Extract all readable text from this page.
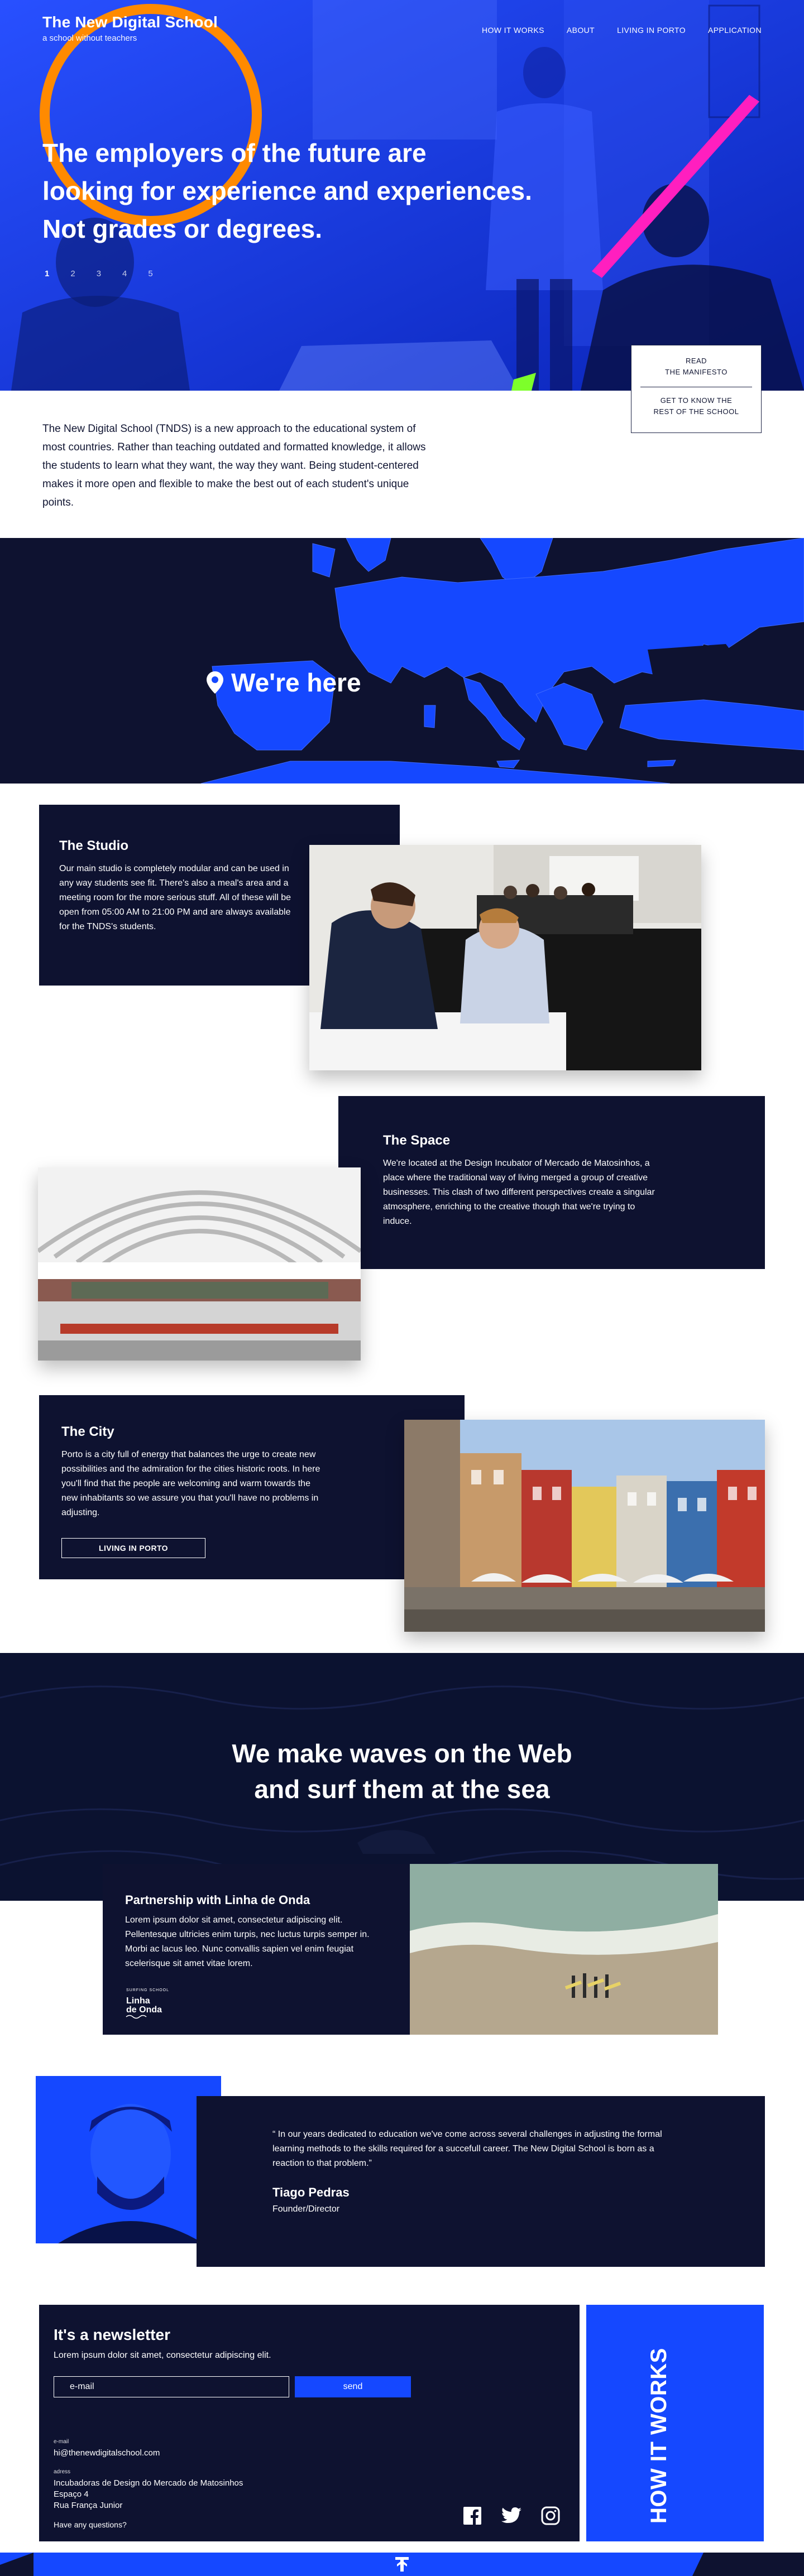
The New Digital School
a school without teachers
HOW IT WORKS	ABOUT	LIVING IN PORTO	APPLICATION
The employers of the future are
looking for experience and experiences.
Not grades or degrees.
1	2	3	4	5
READ
THE MANIFESTO
GET TO KNOW THE
REST OF THE SCHOOL

The New Digital School (TNDS) is a new approach to the educational system of most countries. Rather than teaching outdated and formatted knowledge, it allows the students to learn what they want, the way they want. Being student-centered makes it more open and flexible to make the best out of each student's unique points.

We're here
The Studio

Our main studio is completely modular and can be used in any way students see fit. There's also a meal's area and a meeting room for the more serious stuff. All of these will be open from 05:00 AM to 21:00 PM and are always available for the TNDS's students.

The Space

We're located at the Design Incubator of Mercado de Matosinhos, a place where the traditional way of living merged a group of creative businesses. This clash of two different perspectives create a singular atmosphere, enriching to the creative though that we're trying to induce.

The City

Porto is a city full of energy that balances the urge to create new possibilities and the admiration for the cities historic roots. In here you'll find that the people are welcoming and warm towards the new inhabitants so we assure you that you'll have no problems in adjusting.

LIVING IN PORTO
We make waves on the Web
and surf them at the sea
Partnership with Linha de Onda

Lorem ipsum dolor sit amet, consectetur adipiscing elit. Pellentesque ultricies enim turpis, nec luctus turpis semper in. Morbi ac lacus leo. Nunc convallis sapien vel enim feugiat scelerisque sit amet vitae lorem.

SURFING SCHOOL
Linha
de Onda

“ In our years dedicated to education we've come across several challenges in adjusting the formal learning methods to the skills required for a succefull career. The New Digital School is born as a reaction to that problem.”

Tiago Pedras
Founder/Director
It's a newsletter
Lorem ipsum dolor sit amet, consectetur adipiscing elit.
e-mail
send
e-mail
hi@thenewdigitalschool.com
adress
Incubadoras de Design do Mercado de Matosinhos
Espaço 4
Rua França Junior
Have any questions?
HOW IT WORKS
